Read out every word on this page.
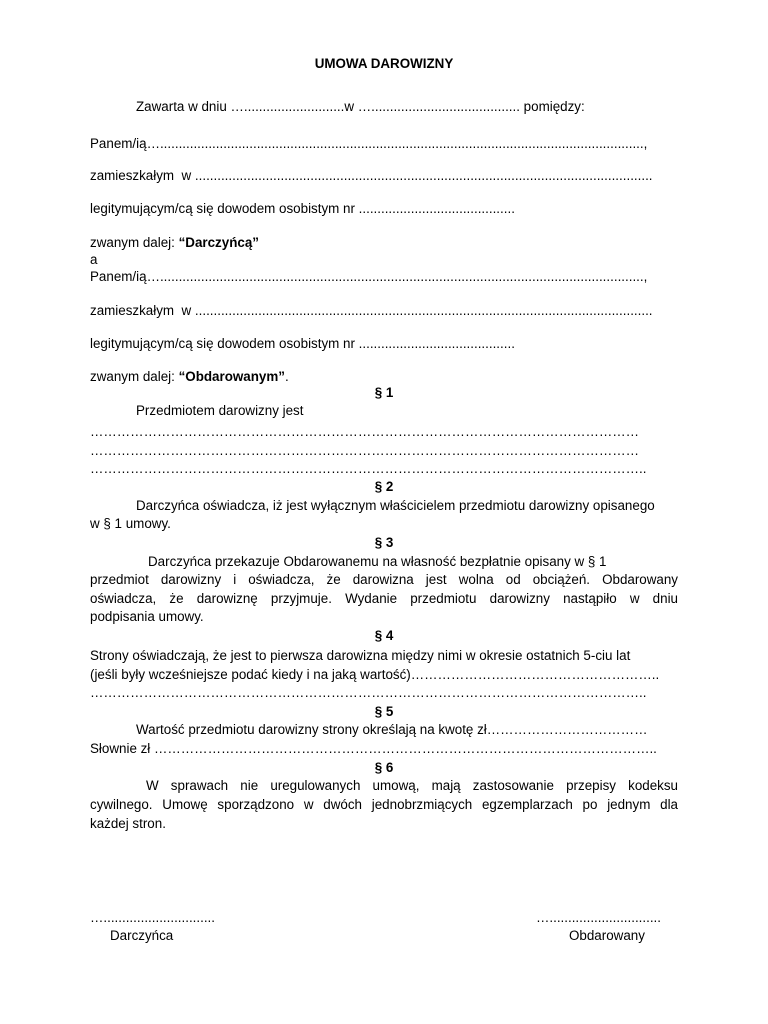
UMOWA DAROWIZNY
Zawarta w dniu …...........................w …........................................ pomiędzy:
Panem/ią…..................................................................................................................................,
zamieszkałym  w ...........................................................................................................................
legitymującym/cą się dowodem osobistym nr ..........................................
zwanym dalej: “Darczyńcą”
a
Panem/ią…..................................................................................................................................,
zamieszkałym  w ...........................................................................................................................
legitymującym/cą się dowodem osobistym nr ..........................................
zwanym dalej: “Obdarowanym”.
§ 1
Przedmiotem darowizny jest
……………………………………………………………………………………………………………
……………………………………………………………………………………………………………
……………………………………………………………………………………………………………..
§ 2
Darczyńca oświadcza, iż jest wyłącznym właścicielem przedmiotu darowizny opisanego
w § 1 umowy.
§ 3
Darczyńca przekazuje Obdarowanemu na własność bezpłatnie opisany w § 1
przedmiot darowizny i oświadcza, że darowizna jest wolna od obciążeń. Obdarowany
oświadcza, że darowiznę przyjmuje. Wydanie przedmiotu darowizny nastąpiło w dniu
podpisania umowy.
§ 4
Strony oświadczają, że jest to pierwsza darowizna między nimi w okresie ostatnich 5-ciu lat
(jeśli były wcześniejsze podać kiedy i na jaką wartość)………………………………………………..
……………………………………………………………………………………………………………..
§ 5
Wartość przedmiotu darowizny strony określają na kwotę zł………………………………
Słownie zł …………………………………………………………………………………………………..
§ 6
W sprawach nie uregulowanych umową, mają zastosowanie przepisy kodeksu
cywilnego. Umowę sporządzono w dwóch jednobrzmiących egzemplarzach po jednym dla
każdej stron.
…..............................
Darczyńca
…..............................
Obdarowany
